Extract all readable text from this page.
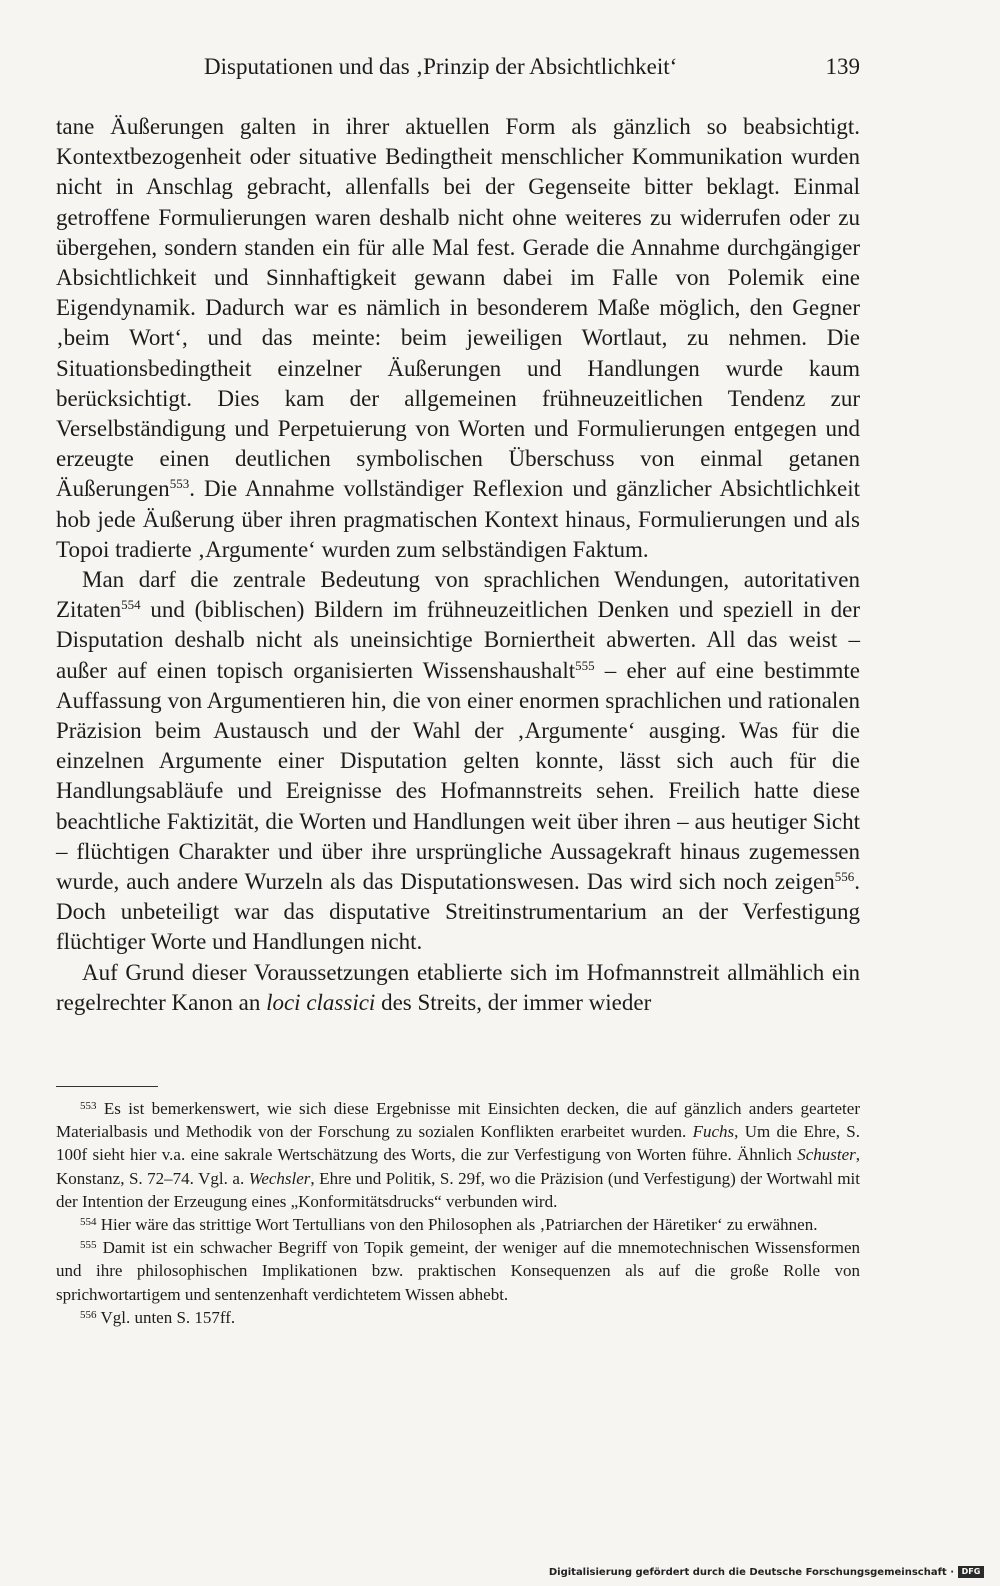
Disputationen und das ‚Prinzip der Absichtlichkeit‘	139

tane Äußerungen galten in ihrer aktuellen Form als gänzlich so beabsichtigt. Kontextbezogenheit oder situative Bedingtheit menschlicher Kommunikation wurden nicht in Anschlag gebracht, allenfalls bei der Gegenseite bitter beklagt. Einmal getroffene Formulierungen waren deshalb nicht ohne weiteres zu widerrufen oder zu übergehen, sondern standen ein für alle Mal fest. Gerade die Annahme durchgängiger Absichtlichkeit und Sinnhaftigkeit gewann dabei im Falle von Polemik eine Eigendynamik. Dadurch war es nämlich in besonderem Maße möglich, den Gegner ‚beim Wort‘, und das meinte: beim jeweiligen Wortlaut, zu nehmen. Die Situationsbedingtheit einzelner Äußerungen und Handlungen wurde kaum berücksichtigt. Dies kam der allgemeinen frühneuzeitlichen Tendenz zur Verselbständigung und Perpetuierung von Worten und Formulierungen entgegen und erzeugte einen deutlichen symbolischen Überschuss von einmal getanen Äußerungen$^{553}$. Die Annahme vollständiger Reflexion und gänzlicher Absichtlichkeit hob jede Äußerung über ihren pragmatischen Kontext hinaus, Formulierungen und als Topoi tradierte ‚Argumente‘ wurden zum selbständigen Faktum.

Man darf die zentrale Bedeutung von sprachlichen Wendungen, autoritativen Zitaten$^{554}$ und (biblischen) Bildern im frühneuzeitlichen Denken und speziell in der Disputation deshalb nicht als uneinsichtige Borniertheit abwerten. All das weist – außer auf einen topisch organisierten Wissenshaushalt$^{555}$ – eher auf eine bestimmte Auffassung von Argumentieren hin, die von einer enormen sprachlichen und rationalen Präzision beim Austausch und der Wahl der ‚Argumente‘ ausging. Was für die einzelnen Argumente einer Disputation gelten konnte, lässt sich auch für die Handlungsabläufe und Ereignisse des Hofmannstreits sehen. Freilich hatte diese beachtliche Faktizität, die Worten und Handlungen weit über ihren – aus heutiger Sicht – flüchtigen Charakter und über ihre ursprüngliche Aussagekraft hinaus zugemessen wurde, auch andere Wurzeln als das Disputationswesen. Das wird sich noch zeigen$^{556}$. Doch unbeteiligt war das disputative Streitinstrumentarium an der Verfestigung flüchtiger Worte und Handlungen nicht.

Auf Grund dieser Voraussetzungen etablierte sich im Hofmannstreit allmählich ein regelrechter Kanon an loci classici des Streits, der immer wieder

$^{553}$ Es ist bemerkenswert, wie sich diese Ergebnisse mit Einsichten decken, die auf gänzlich anders gearteter Materialbasis und Methodik von der Forschung zu sozialen Konflikten erarbeitet wurden. Fuchs, Um die Ehre, S. 100f sieht hier v.a. eine sakrale Wertschätzung des Worts, die zur Verfestigung von Worten führe. Ähnlich Schuster, Konstanz, S. 72–74. Vgl. a. Wechsler, Ehre und Politik, S. 29f, wo die Präzision (und Verfestigung) der Wortwahl mit der Intention der Erzeugung eines „Konformitätsdrucks“ verbunden wird.

$^{554}$ Hier wäre das strittige Wort Tertullians von den Philosophen als ‚Patriarchen der Häretiker‘ zu erwähnen.

$^{555}$ Damit ist ein schwacher Begriff von Topik gemeint, der weniger auf die mnemotechnischen Wissensformen und ihre philosophischen Implikationen bzw. praktischen Konsequenzen als auf die große Rolle von sprichwortartigem und sentenzenhaft verdichtetem Wissen abhebt.

$^{556}$ Vgl. unten S. 157ff.

Digitalisierung gefördert durch die Deutsche Forschungsgemeinschaft · DFG
